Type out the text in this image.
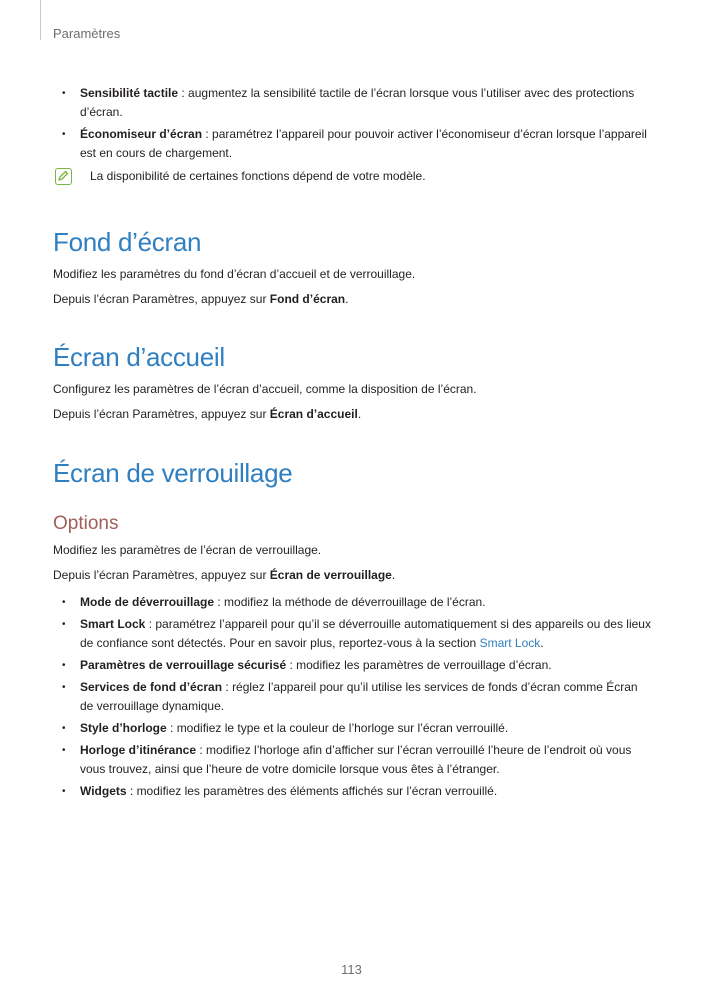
Paramètres
• Sensibilité tactile : augmentez la sensibilité tactile de l’écran lorsque vous l’utiliser avec des protections d’écran.
• Économiseur d’écran : paramétrez l’appareil pour pouvoir activer l’économiseur d’écran lorsque l’appareil est en cours de chargement.
La disponibilité de certaines fonctions dépend de votre modèle.
Fond d’écran

Modifiez les paramètres du fond d’écran d’accueil et de verrouillage.

Depuis l’écran Paramètres, appuyez sur Fond d’écran.

Écran d’accueil

Configurez les paramètres de l’écran d’accueil, comme la disposition de l’écran.

Depuis l’écran Paramètres, appuyez sur Écran d’accueil.

Écran de verrouillage
Options

Modifiez les paramètres de l’écran de verrouillage.

Depuis l’écran Paramètres, appuyez sur Écran de verrouillage.

• Mode de déverrouillage : modifiez la méthode de déverrouillage de l’écran.
• Smart Lock : paramétrez l’appareil pour qu’il se déverrouille automatiquement si des appareils ou des lieux de confiance sont détectés. Pour en savoir plus, reportez-vous à la section Smart Lock.
• Paramètres de verrouillage sécurisé : modifiez les paramètres de verrouillage d’écran.
• Services de fond d’écran : réglez l’appareil pour qu’il utilise les services de fonds d’écran comme Écran de verrouillage dynamique.
• Style d’horloge : modifiez le type et la couleur de l’horloge sur l’écran verrouillé.
• Horloge d’itinérance : modifiez l’horloge afin d’afficher sur l’écran verrouillé l’heure de l’endroit où vous vous trouvez, ainsi que l’heure de votre domicile lorsque vous êtes à l’étranger.
• Widgets : modifiez les paramètres des éléments affichés sur l’écran verrouillé.
113
